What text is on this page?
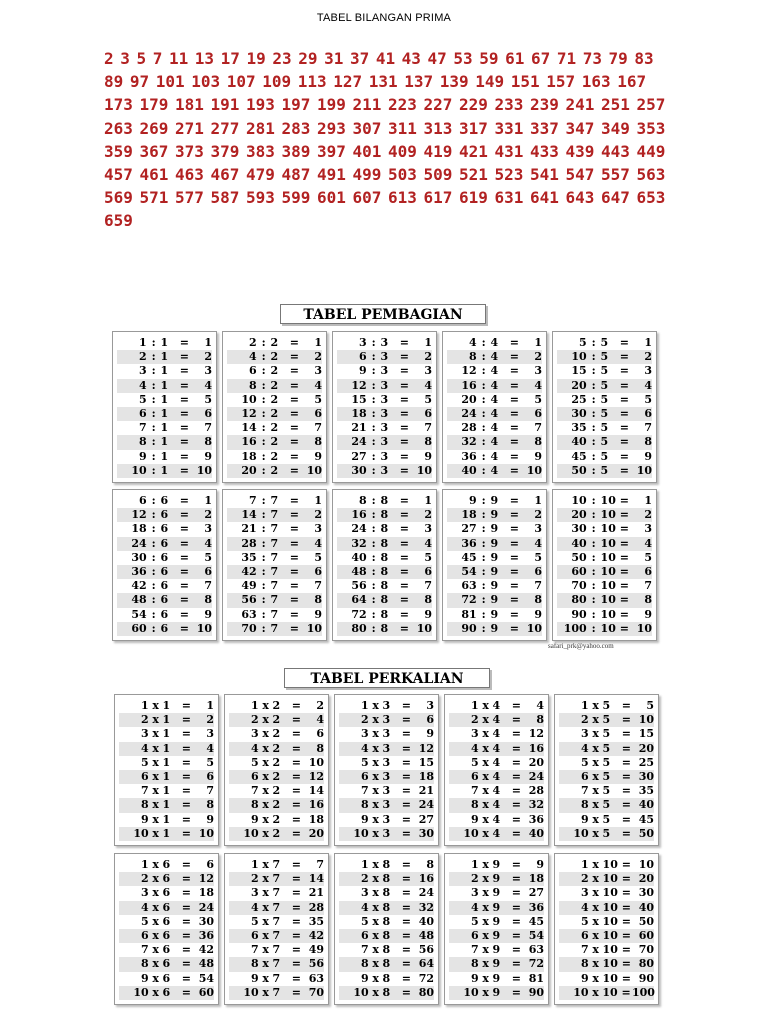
TABEL BILANGAN PRIMA
2 3 5 7 11 13 17 19 23 29 31 37 41 43 47 53 59 61 67 71 73 79 8389 97 101 103 107 109 113 127 131 137 139 149 151 157 163 167173 179 181 191 193 197 199 211 223 227 229 233 239 241 251 257263 269 271 277 281 283 293 307 311 313 317 331 337 347 349 353359 367 373 379 383 389 397 401 409 419 421 431 433 439 443 449457 461 463 467 479 487 491 499 503 509 521 523 541 547 557 563569 571 577 587 593 599 601 607 613 617 619 631 641 643 647 653659
TABEL PEMBAGIAN
safari_prk@yahoo.com
TABEL PERKALIAN
1 : 1	=	1
2 : 1	=	2
3 : 1	=	3
4 : 1	=	4
5 : 1	=	5
6 : 1	=	6
7 : 1	=	7
8 : 1	=	8
9 : 1	=	9
10 : 1	= 10
2 : 2	=	1
4 : 2	=	2
6 : 2	=	3
8 : 2	=	4
10 : 2	=	5
12 : 2	=	6
14 : 2	=	7
16 : 2	=	8
18 : 2	=	9
20 : 2	= 10
3 : 3	=	1
6 : 3	=	2
9 : 3	=	3
12 : 3	=	4
15 : 3	=	5
18 : 3	=	6
21 : 3	=	7
24 : 3	=	8
27 : 3	=	9
30 : 3	= 10
4 : 4	=	1
8 : 4	=	2
12 : 4	=	3
16 : 4	=	4
20 : 4	=	5
24 : 4	=	6
28 : 4	=	7
32 : 4	=	8
36 : 4	=	9
40 : 4	= 10
5 : 5	=	1
10 : 5	=	2
15 : 5	=	3
20 : 5	=	4
25 : 5	=	5
30 : 5	=	6
35 : 5	=	7
40 : 5	=	8
45 : 5	=	9
50 : 5	= 10
6 : 6	=	1
12 : 6	=	2
18 : 6	=	3
24 : 6	=	4
30 : 6	=	5
36 : 6	=	6
42 : 6	=	7
48 : 6	=	8
54 : 6	=	9
60 : 6	= 10
7 : 7	=	1
14 : 7	=	2
21 : 7	=	3
28 : 7	=	4
35 : 7	=	5
42 : 7	=	6
49 : 7	=	7
56 : 7	=	8
63 : 7	=	9
70 : 7	= 10
8 : 8	=	1
16 : 8	=	2
24 : 8	=	3
32 : 8	=	4
40 : 8	=	5
48 : 8	=	6
56 : 8	=	7
64 : 8	=	8
72 : 8	=	9
80 : 8	= 10
9 : 9	=	1
18 : 9	=	2
27 : 9	=	3
36 : 9	=	4
45 : 9	=	5
54 : 9	=	6
63 : 9	=	7
72 : 9	=	8
81 : 9	=	9
90 : 9	= 10
10 : 10 =	1
20 : 10 =	2
30 : 10 =	3
40 : 10 =	4
50 : 10 =	5
60 : 10 =	6
70 : 10 =	7
80 : 10 =	8
90 : 10 =	9
100 : 10 = 10
1 x 1	=	1
2 x 1	=	2
3 x 1	=	3
4 x 1	=	4
5 x 1	=	5
6 x 1	=	6
7 x 1	=	7
8 x 1	=	8
9 x 1	=	9
10 x 1	= 10
1 x 2	=	2
2 x 2	=	4
3 x 2	=	6
4 x 2	=	8
5 x 2	= 10
6 x 2	= 12
7 x 2	= 14
8 x 2	= 16
9 x 2	= 18
10 x 2	= 20
1 x 3	=	3
2 x 3	=	6
3 x 3	=	9
4 x 3	= 12
5 x 3	= 15
6 x 3	= 18
7 x 3	= 21
8 x 3	= 24
9 x 3	= 27
10 x 3	= 30
1 x 4	=	4
2 x 4	=	8
3 x 4	= 12
4 x 4	= 16
5 x 4	= 20
6 x 4	= 24
7 x 4	= 28
8 x 4	= 32
9 x 4	= 36
10 x 4	= 40
1 x 5	=	5
2 x 5	= 10
3 x 5	= 15
4 x 5	= 20
5 x 5	= 25
6 x 5	= 30
7 x 5	= 35
8 x 5	= 40
9 x 5	= 45
10 x 5	= 50
1 x 6	=	6
2 x 6	= 12
3 x 6	= 18
4 x 6	= 24
5 x 6	= 30
6 x 6	= 36
7 x 6	= 42
8 x 6	= 48
9 x 6	= 54
10 x 6	= 60
1 x 7	=	7
2 x 7	= 14
3 x 7	= 21
4 x 7	= 28
5 x 7	= 35
6 x 7	= 42
7 x 7	= 49
8 x 7	= 56
9 x 7	= 63
10 x 7	= 70
1 x 8	=	8
2 x 8	= 16
3 x 8	= 24
4 x 8	= 32
5 x 8	= 40
6 x 8	= 48
7 x 8	= 56
8 x 8	= 64
9 x 8	= 72
10 x 8	= 80
1 x 9	=	9
2 x 9	= 18
3 x 9	= 27
4 x 9	= 36
5 x 9	= 45
6 x 9	= 54
7 x 9	= 63
8 x 9	= 72
9 x 9	= 81
10 x 9	= 90
1 x 10 = 10
2 x 10 = 20
3 x 10 = 30
4 x 10 = 40
5 x 10 = 50
6 x 10 = 60
7 x 10 = 70
8 x 10 = 80
9 x 10 = 90
10 x 10 = 100
